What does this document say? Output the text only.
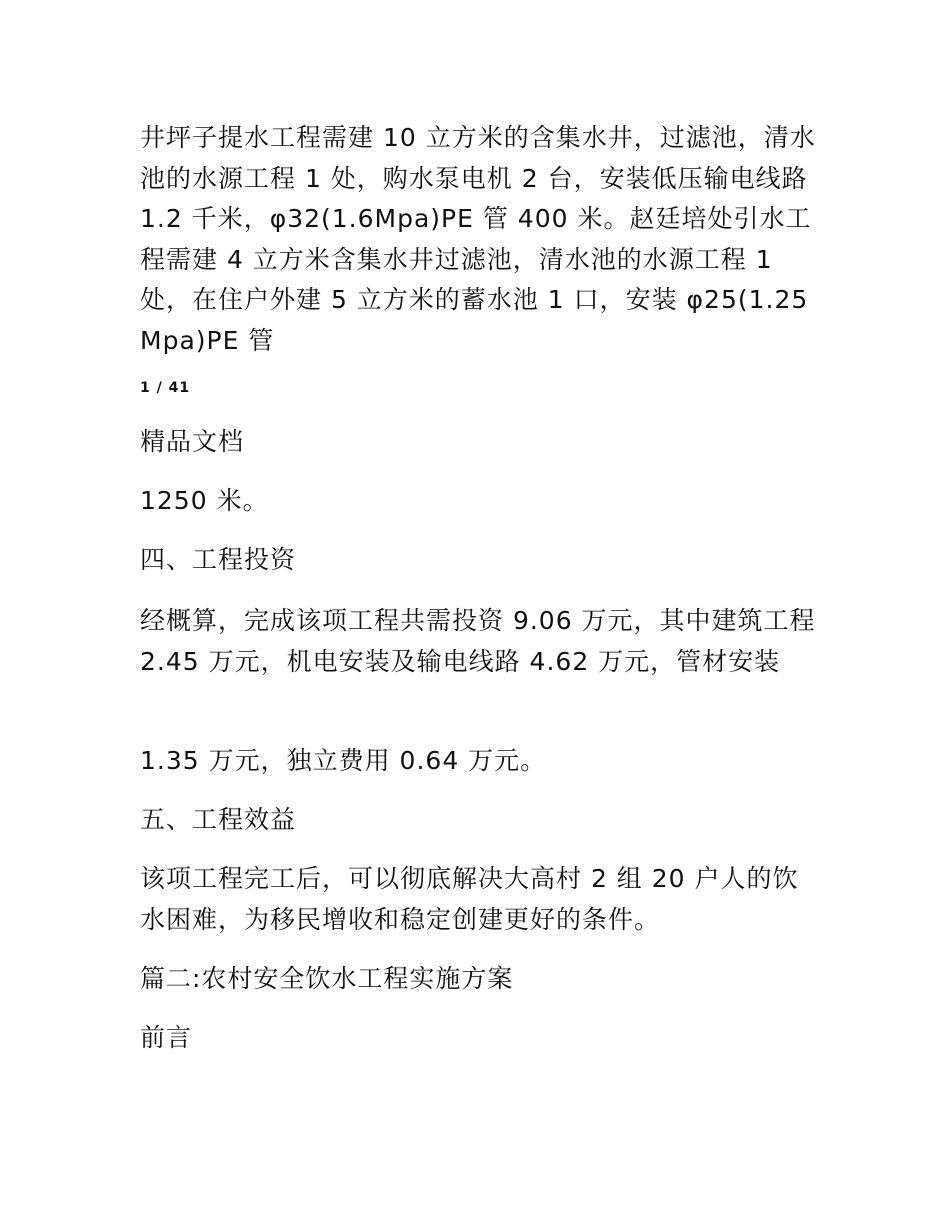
井坪子提水工程需建 10 立方米的含集水井，过滤池，清水池的水源工程 1 处，购水泵电机 2 台，安装低压输电线路 1.2 千米，φ32(1.6Mpa)PE 管 400 米。赵廷培处引水工程需建 4 立方米含集水井过滤池，清水池的水源工程 1 处，在住户外建 5 立方米的蓄水池 1 口，安装 φ25(1.25Mpa)PE 管

1 / 41

精品文档

1250 米。

四、工程投资

经概算，完成该项工程共需投资 9.06 万元，其中建筑工程 2.45 万元，机电安装及输电线路 4.62 万元，管材安装

1.35 万元，独立费用 0.64 万元。

五、工程效益

该项工程完工后，可以彻底解决大高村 2 组 20 户人的饮水困难，为移民增收和稳定创建更好的条件。

篇二:农村安全饮水工程实施方案

前言
